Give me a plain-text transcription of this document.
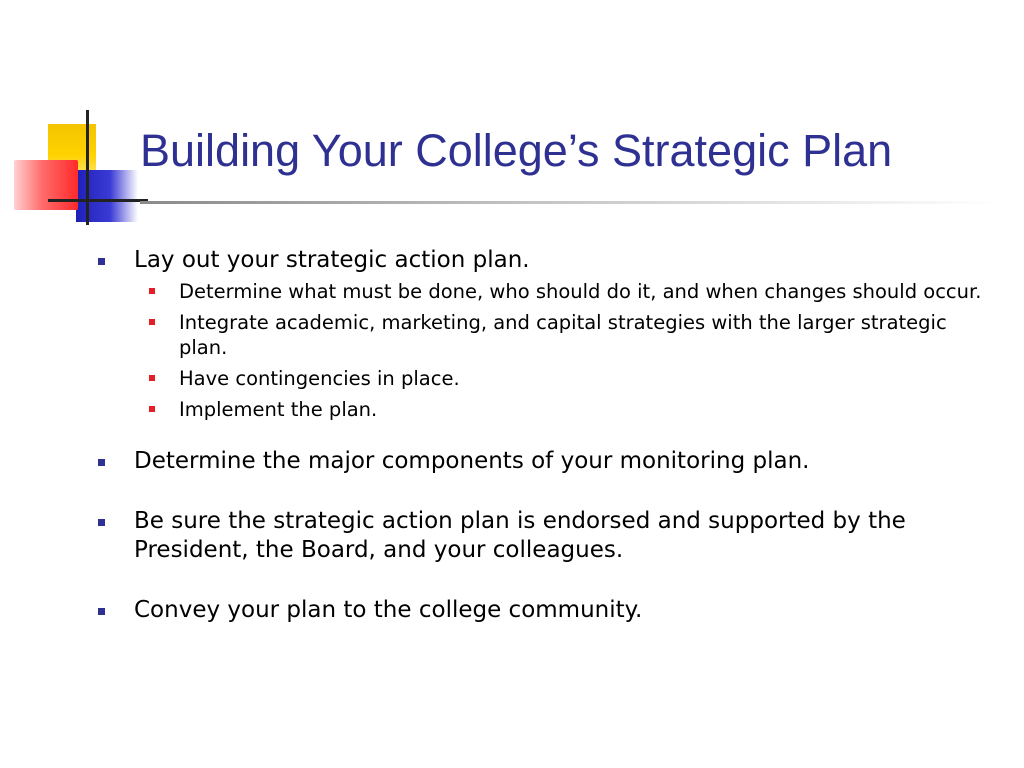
Building Your College’s Strategic Plan
Lay out your strategic action plan.
Determine what must be done, who should do it, and when changes should occur.
Integrate academic, marketing, and capital strategies with the larger strategic plan.
Have contingencies in place.
Implement the plan.
Determine the major components of your monitoring plan.
Be sure the strategic action plan is endorsed and supported by the President, the Board, and your colleagues.
Convey your plan to the college community.
